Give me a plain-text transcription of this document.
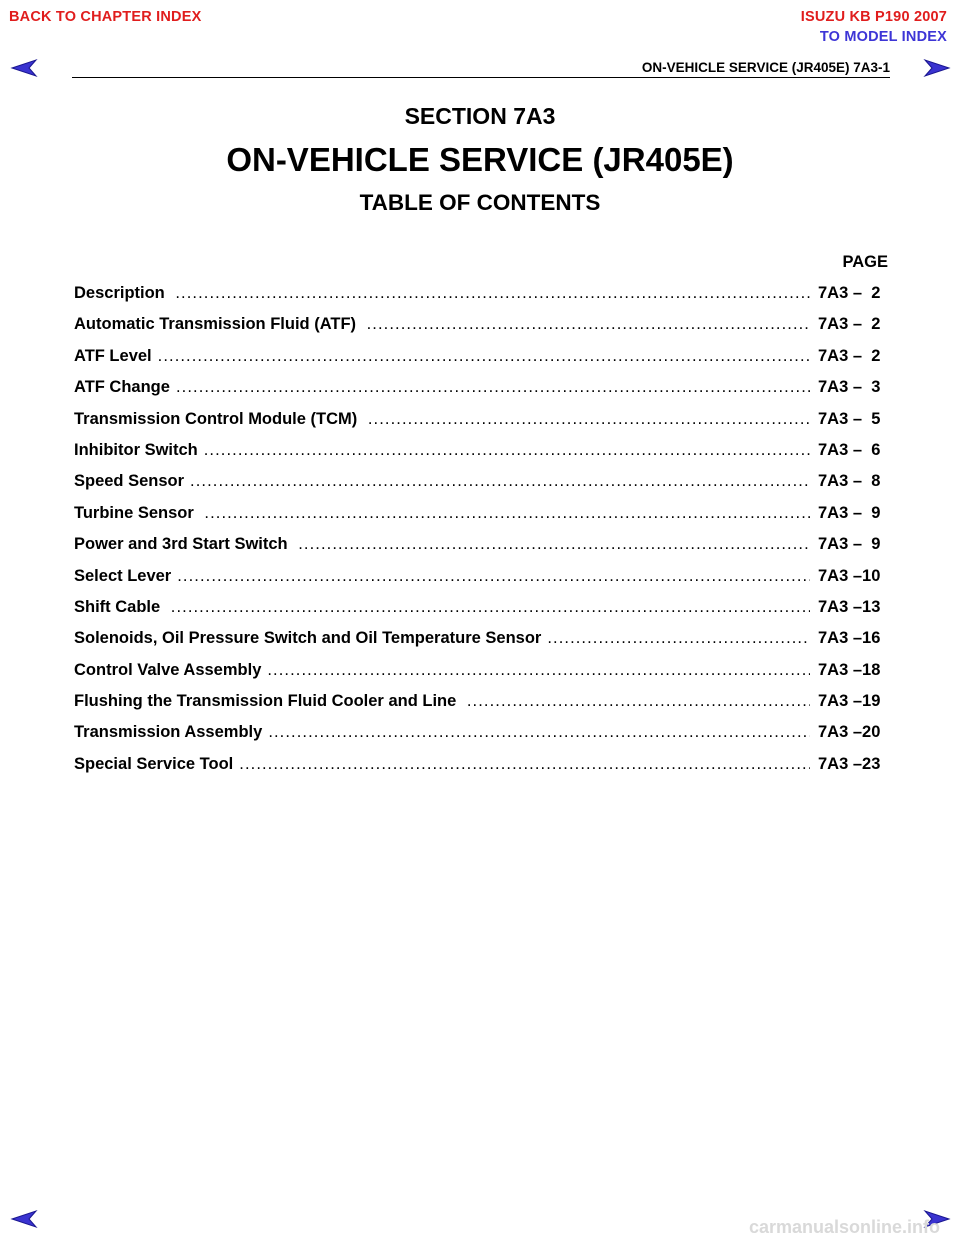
BACK TO CHAPTER INDEX	ISUZU KB P190 2007
TO MODEL INDEX
ON-VEHICLE SERVICE (JR405E) 7A3-1
SECTION 7A3
ON-VEHICLE SERVICE (JR405E)
TABLE OF CONTENTS
PAGE
Description .....	7A3 –  2
Automatic Transmission Fluid (ATF) .....	7A3 –  2
ATF Level .....	7A3 –  2
ATF Change .....	7A3 –  3
Transmission Control Module (TCM) .....	7A3 –  5
Inhibitor Switch .....	7A3 –  6
Speed Sensor .....	7A3 –  8
Turbine Sensor .....	7A3 –  9
Power and 3rd Start Switch .....	7A3 –  9
Select Lever .....	7A3 –10
Shift Cable .....	7A3 –13
Solenoids, Oil Pressure Switch and Oil Temperature Sensor .....	7A3 –16
Control Valve Assembly .....	7A3 –18
Flushing the Transmission Fluid Cooler and Line .....	7A3 –19
Transmission Assembly .....	7A3 –20
Special Service Tool .....	7A3 –23
carmanualsonline.info
